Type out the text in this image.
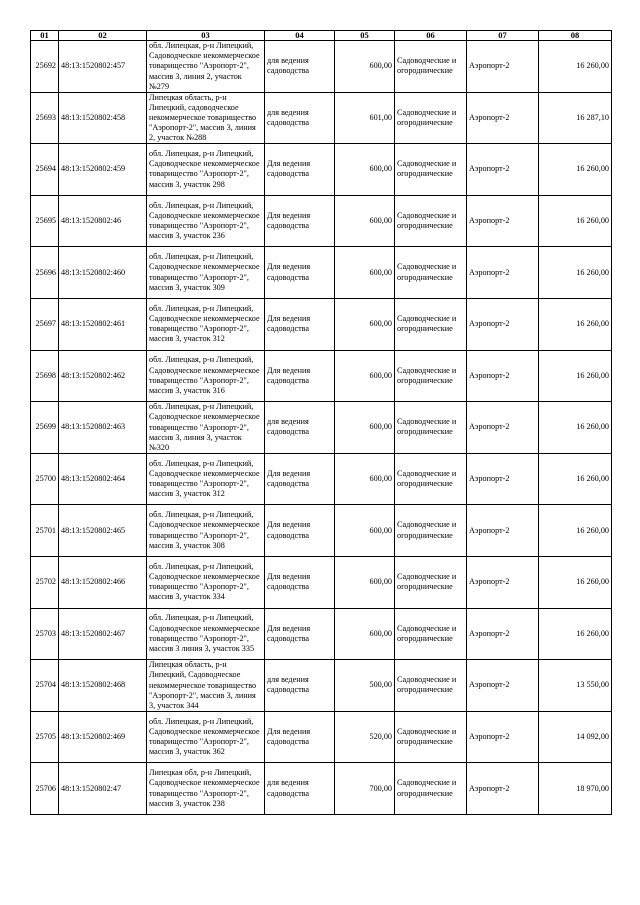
01	02	03	04	05	06	07	08
25692	48:13:1520802:457	обл. Липецкая, р-н Липецкий, Садоводческое некоммерческое товарищество "Аэропорт-2", массив 3, линия 2, участок №279	для ведения садоводства	600,00	Садоводческие и огороднические	Аэропорт-2	16 260,00
25693	48:13:1520802:458	Липецкая область, р-н Липецкий, садоводческое некоммерческое товарищество "Аэропорт-2", массив 3, линия 2, участок №288	для ведения садоводства	601,00	Садоводческие и огороднические	Аэропорт-2	16 287,10
25694	48:13:1520802:459	обл. Липецкая, р-н Липецкий, Садоводческое некоммерческое товарищество "Аэропорт-2", массив 3, участок 298	Для ведения садоводства	600,00	Садоводческие и огороднические	Аэропорт-2	16 260,00
25695	48:13:1520802:46	обл. Липецкая, р-н Липецкий, Садоводческое некоммерческое товарищество "Аэропорт-2", массив 3, участок 236	Для ведения садоводства	600,00	Садоводческие и огороднические	Аэропорт-2	16 260,00
25696	48:13:1520802:460	обл. Липецкая, р-н Липецкий, Садоводческое некоммерческое товарищество "Аэропорт-2", массив 3, участок 309	Для ведения садоводства	600,00	Садоводческие и огороднические	Аэропорт-2	16 260,00
25697	48:13:1520802:461	обл. Липецкая, р-н Липецкий, Садоводческое некоммерческое товарищество "Аэропорт-2", массив 3, участок 312	Для ведения садоводства	600,00	Садоводческие и огороднические	Аэропорт-2	16 260,00
25698	48:13:1520802:462	обл. Липецкая, р-н Липецкий, Садоводческое некоммерческое товарищество "Аэропорт-2", массив 3, участок 316	Для ведения садоводства	600,00	Садоводческие и огороднические	Аэропорт-2	16 260,00
25699	48:13:1520802:463	обл. Липецкая, р-н Липецкий, Садоводческое некоммерческое товарищество "Аэропорт-2", массив 3, линия 3, участок №320	для ведения садоводства	600,00	Садоводческие и огороднические	Аэропорт-2	16 260,00
25700	48:13:1520802:464	обл. Липецкая, р-н Липецкий, Садоводческое некоммерческое товарищество "Аэропорт-2", массив 3, участок 312	Для ведения садоводства	600,00	Садоводческие и огороднические	Аэропорт-2	16 260,00
25701	48:13:1520802:465	обл. Липецкая, р-н Липецкий, Садоводческое некоммерческое товарищество "Аэропорт-2", массив 3, участок 308	Для ведения садоводства	600,00	Садоводческие и огороднические	Аэропорт-2	16 260,00
25702	48:13:1520802:466	обл. Липецкая, р-н Липецкий, Садоводческое некоммерческое товарищество "Аэропорт-2", массив 3, участок 334	Для ведения садоводства	600,00	Садоводческие и огороднические	Аэропорт-2	16 260,00
25703	48:13:1520802:467	обл. Липецкая, р-н Липецкий, Садоводческое некоммерческое товарищество "Аэропорт-2", массив 3 линия 3, участок 335	Для ведения садоводства	600,00	Садоводческие и огороднические	Аэропорт-2	16 260,00
25704	48:13:1520802:468	Липецкая область, р-н Липецкий, Садоводческое некоммерческое товарищество "Аэропорт-2", массив 3, линия 3, участок 344	для ведения садоводства	500,00	Садоводческие и огороднические	Аэропорт-2	13 550,00
25705	48:13:1520802:469	обл. Липецкая, р-н Липецкий, Садоводческое некоммерческое товарищество "Аэропорт-2", массив 3, участок 362	Для ведения садоводства	520,00	Садоводческие и огороднические	Аэропорт-2	14 092,00
25706	48:13:1520802:47	Липецкая обл, р-н Липецкий, Садоводческое некоммерческое товарищество "Аэропорт-2", массив 3, участок 238	для ведения садоводства	700,00	Садоводческие и огороднические	Аэропорт-2	18 970,00
